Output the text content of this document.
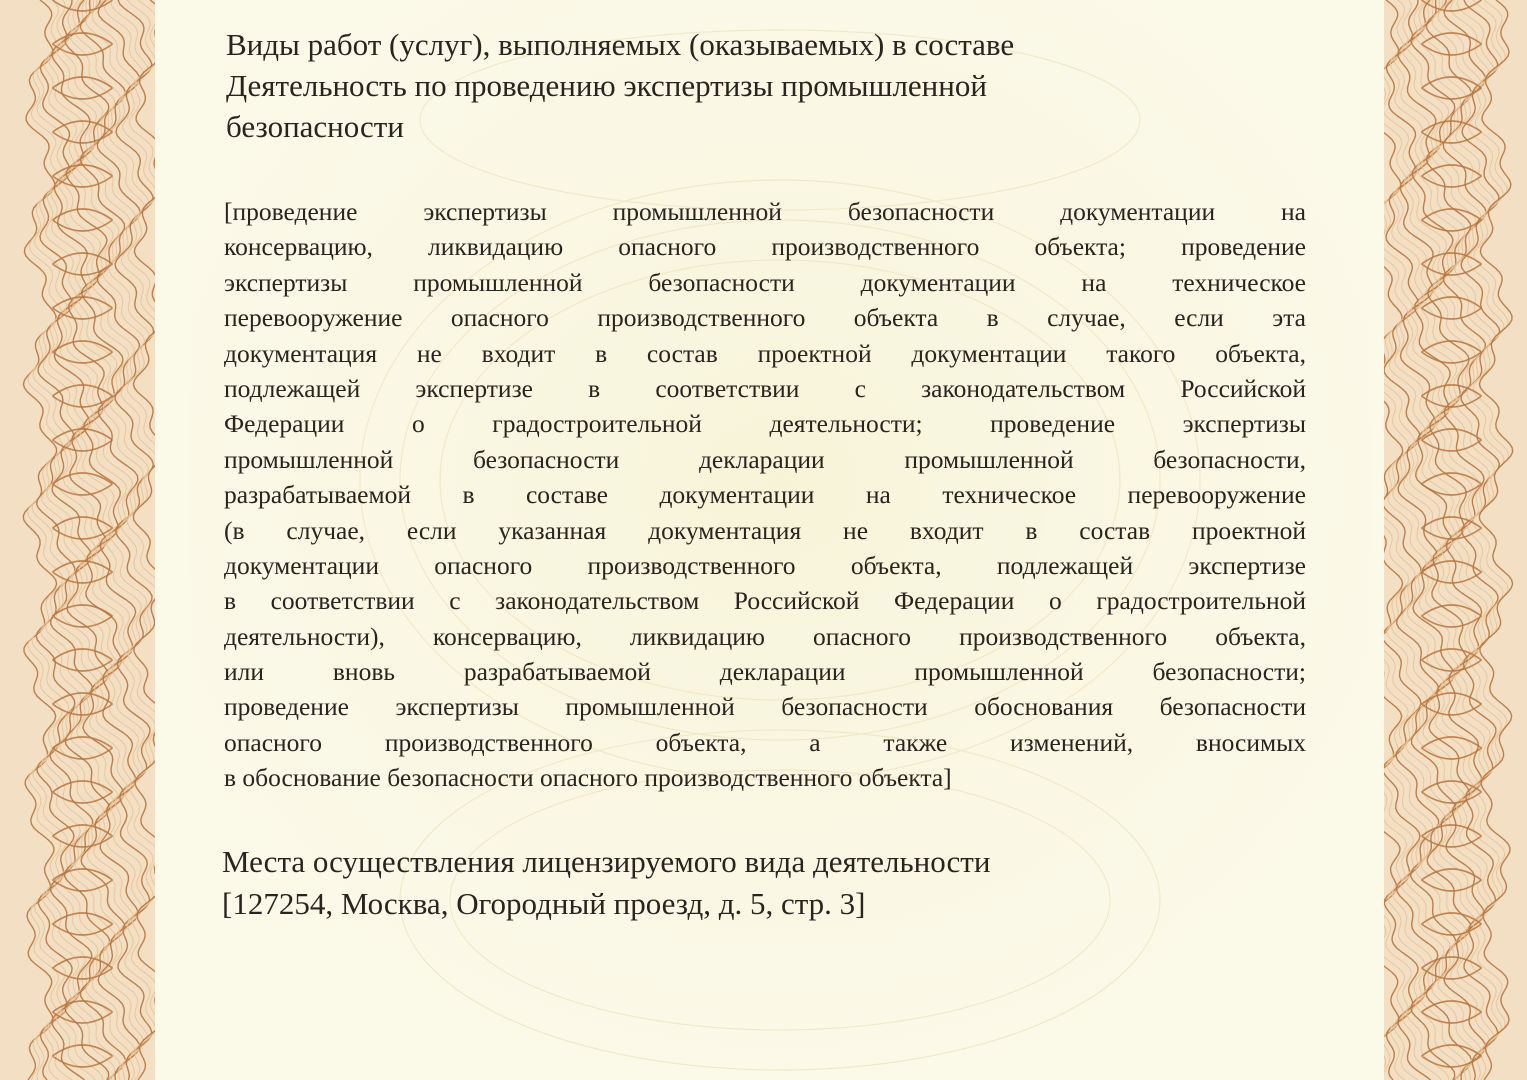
Виды работ (услуг), выполняемых (оказываемых) в составе
Деятельность по проведению экспертизы промышленной
безопасности
[проведение экспертизы промышленной безопасности документации на
консервацию, ликвидацию опасного производственного объекта; проведение
экспертизы промышленной безопасности документации на техническое
перевооружение опасного производственного объекта в случае, если эта
документация не входит в состав проектной документации такого объекта,
подлежащей экспертизе в соответствии с законодательством Российской
Федерации о градостроительной деятельности; проведение экспертизы
промышленной безопасности декларации промышленной безопасности,
разрабатываемой в составе документации на техническое перевооружение
(в случае, если указанная документация не входит в состав проектной
документации опасного производственного объекта, подлежащей экспертизе
в соответствии с законодательством Российской Федерации о градостроительной
деятельности), консервацию, ликвидацию опасного производственного объекта,
или вновь разрабатываемой декларации промышленной безопасности;
проведение экспертизы промышленной безопасности обоснования безопасности
опасного производственного объекта, а также изменений, вносимых
в обоснование безопасности опасного производственного объекта]
Места осуществления лицензируемого вида деятельности
[127254, Москва, Огородный проезд, д. 5, стр. 3]
